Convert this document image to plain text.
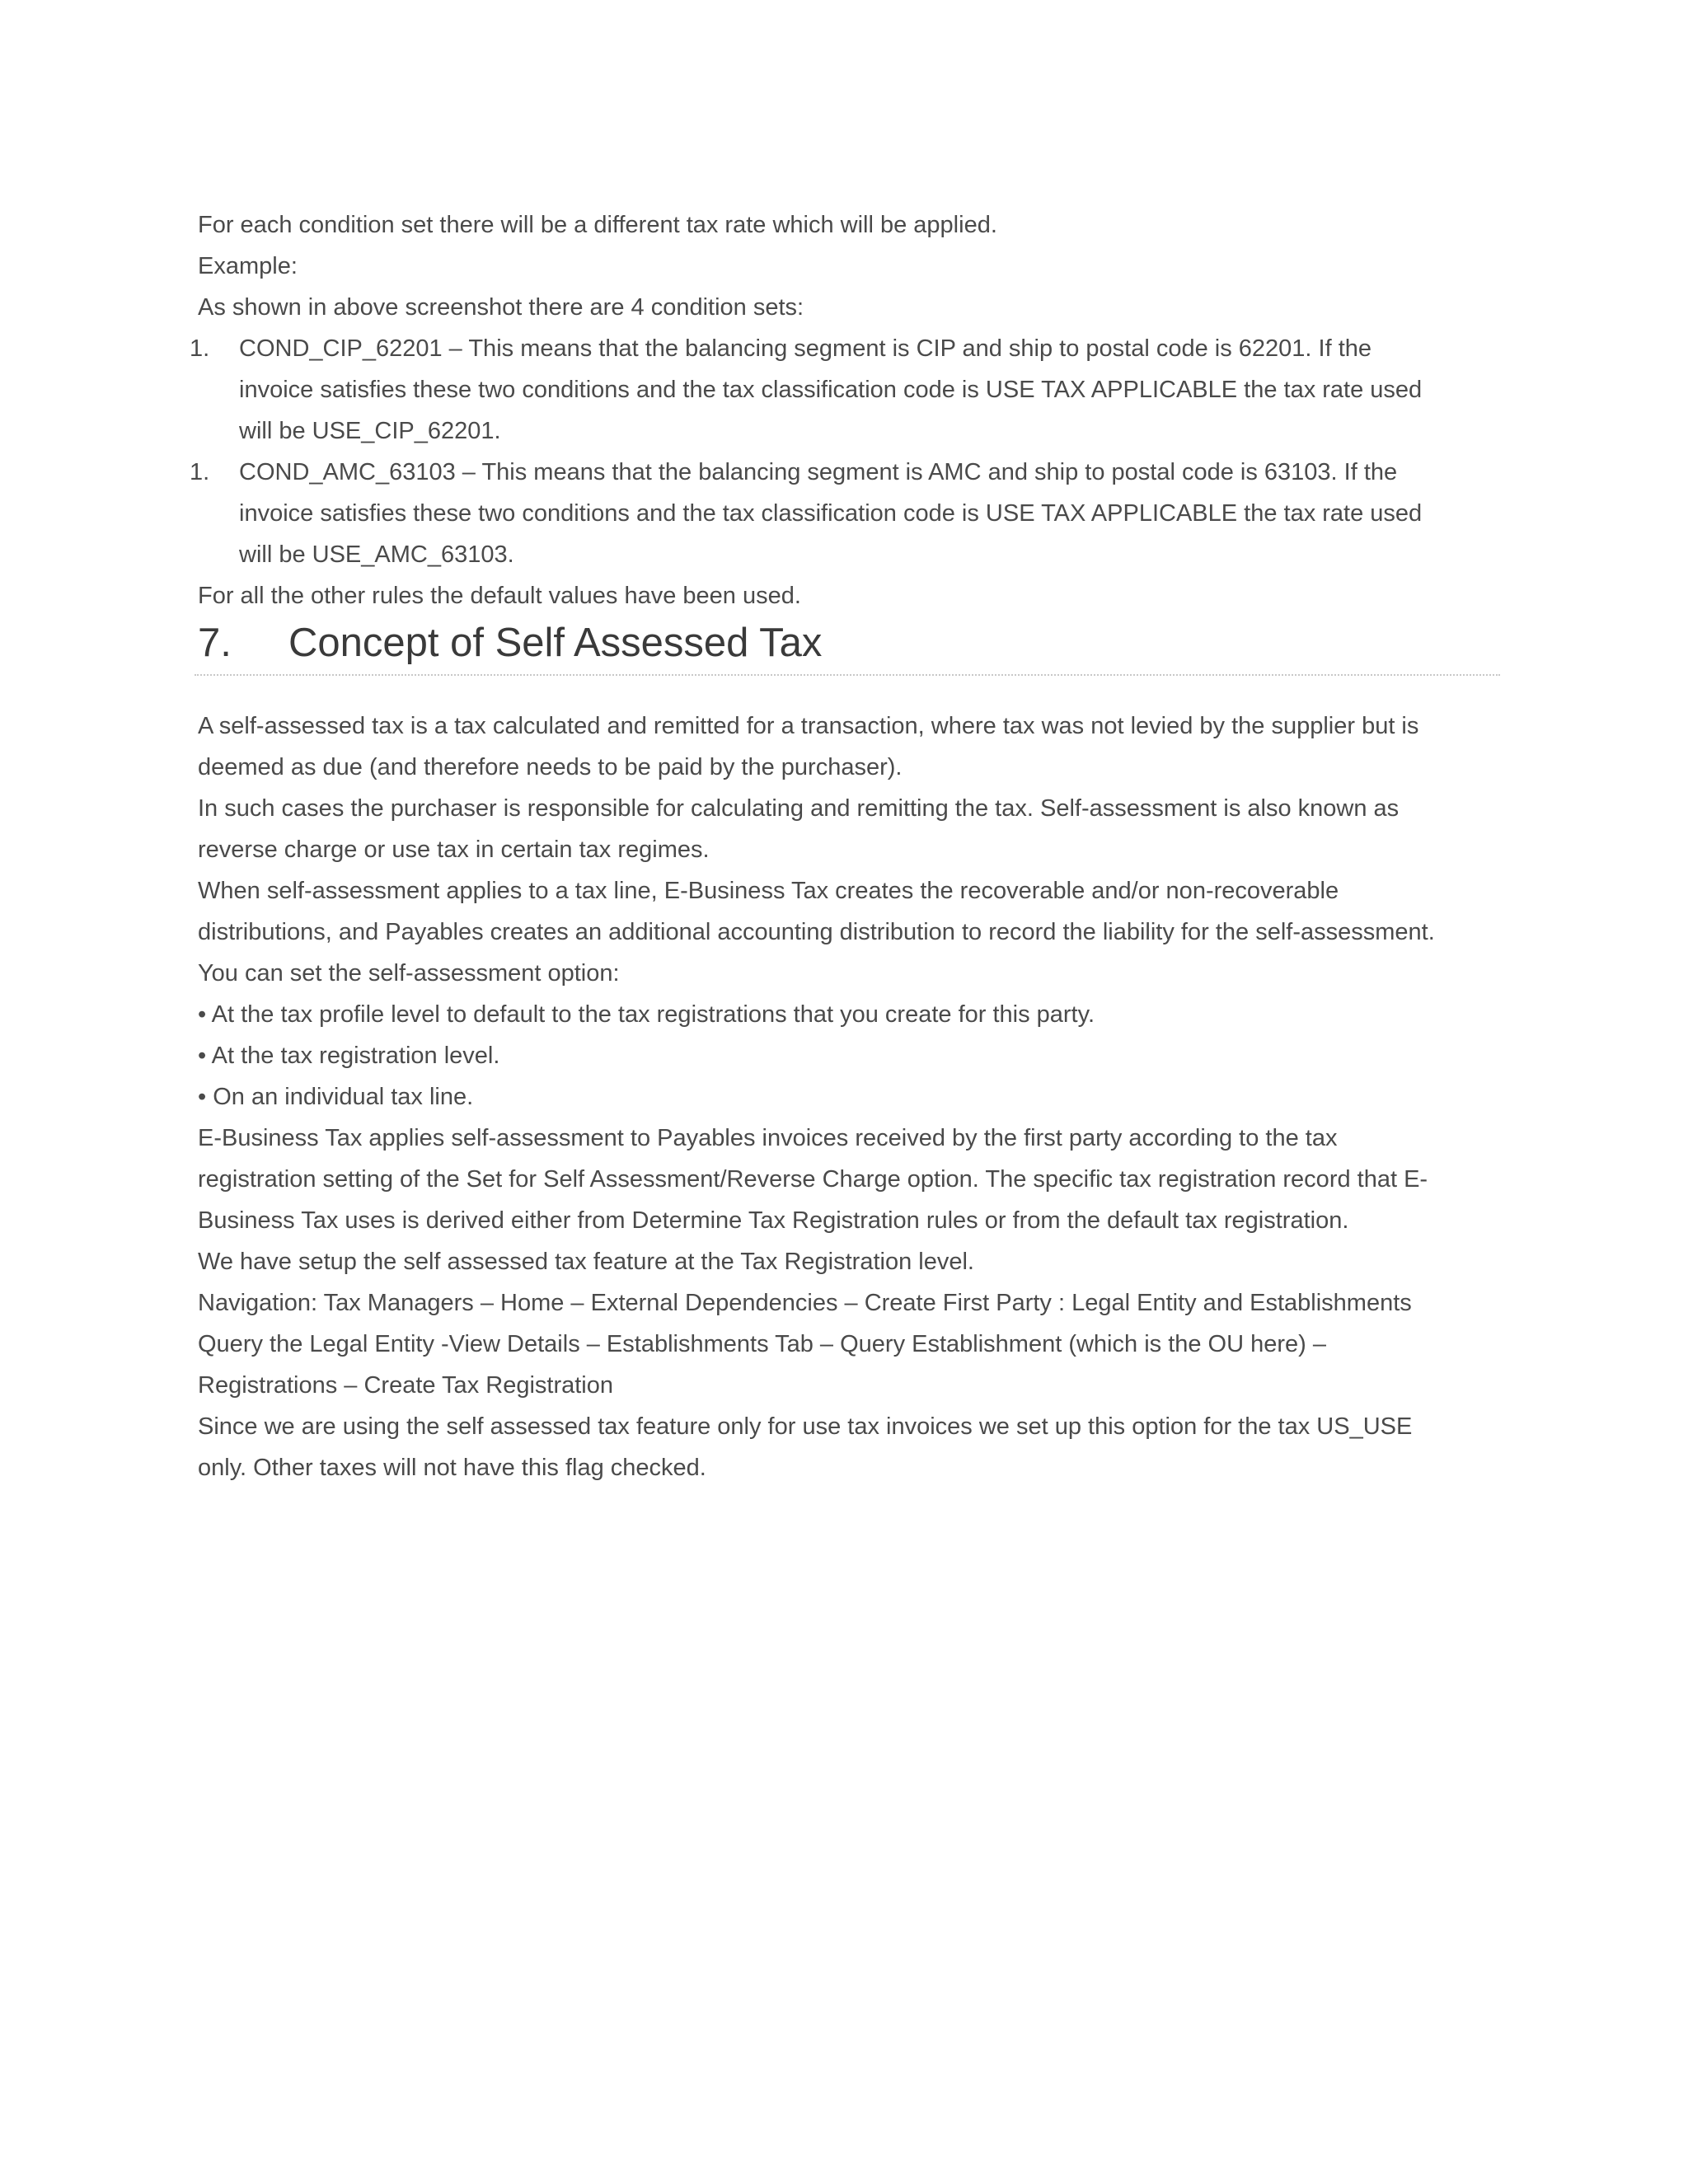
For each condition set there will be a different tax rate which will be applied.

Example:

As shown in above screenshot there are 4 condition sets:

1. COND_CIP_62201 – This means that the balancing segment is CIP and ship to postal code is 62201. If the

invoice satisfies these two conditions and the tax classification code is USE TAX APPLICABLE the tax rate used

will be USE_CIP_62201.

1. COND_AMC_63103 – This means that the balancing segment is AMC and ship to postal code is 63103. If the

invoice satisfies these two conditions and the tax classification code is USE TAX APPLICABLE the tax rate used

will be USE_AMC_63103.

For all the other rules the default values have been used.

7.	Concept of Self Assessed Tax

A self-assessed tax is a tax calculated and remitted for a transaction, where tax was not levied by the supplier but is

deemed as due (and therefore needs to be paid by the purchaser).

In such cases the purchaser is responsible for calculating and remitting the tax. Self-assessment is also known as

reverse charge or use tax in certain tax regimes.

When self-assessment applies to a tax line, E-Business Tax creates the recoverable and/or non-recoverable

distributions, and Payables creates an additional accounting distribution to record the liability for the self-assessment.

You can set the self-assessment option:

• At the tax profile level to default to the tax registrations that you create for this party.

• At the tax registration level.

• On an individual tax line.

E-Business Tax applies self-assessment to Payables invoices received by the first party according to the tax

registration setting of the Set for Self Assessment/Reverse Charge option. The specific tax registration record that E-

Business Tax uses is derived either from Determine Tax Registration rules or from the default tax registration.

We have setup the self assessed tax feature at the Tax Registration level.

Navigation: Tax Managers – Home – External Dependencies – Create First Party : Legal Entity and Establishments

Query the Legal Entity -View Details – Establishments Tab – Query Establishment (which is the OU here) –

Registrations – Create Tax Registration

Since we are using the self assessed tax feature only for use tax invoices we set up this option for the tax US_USE

only. Other taxes will not have this flag checked.
